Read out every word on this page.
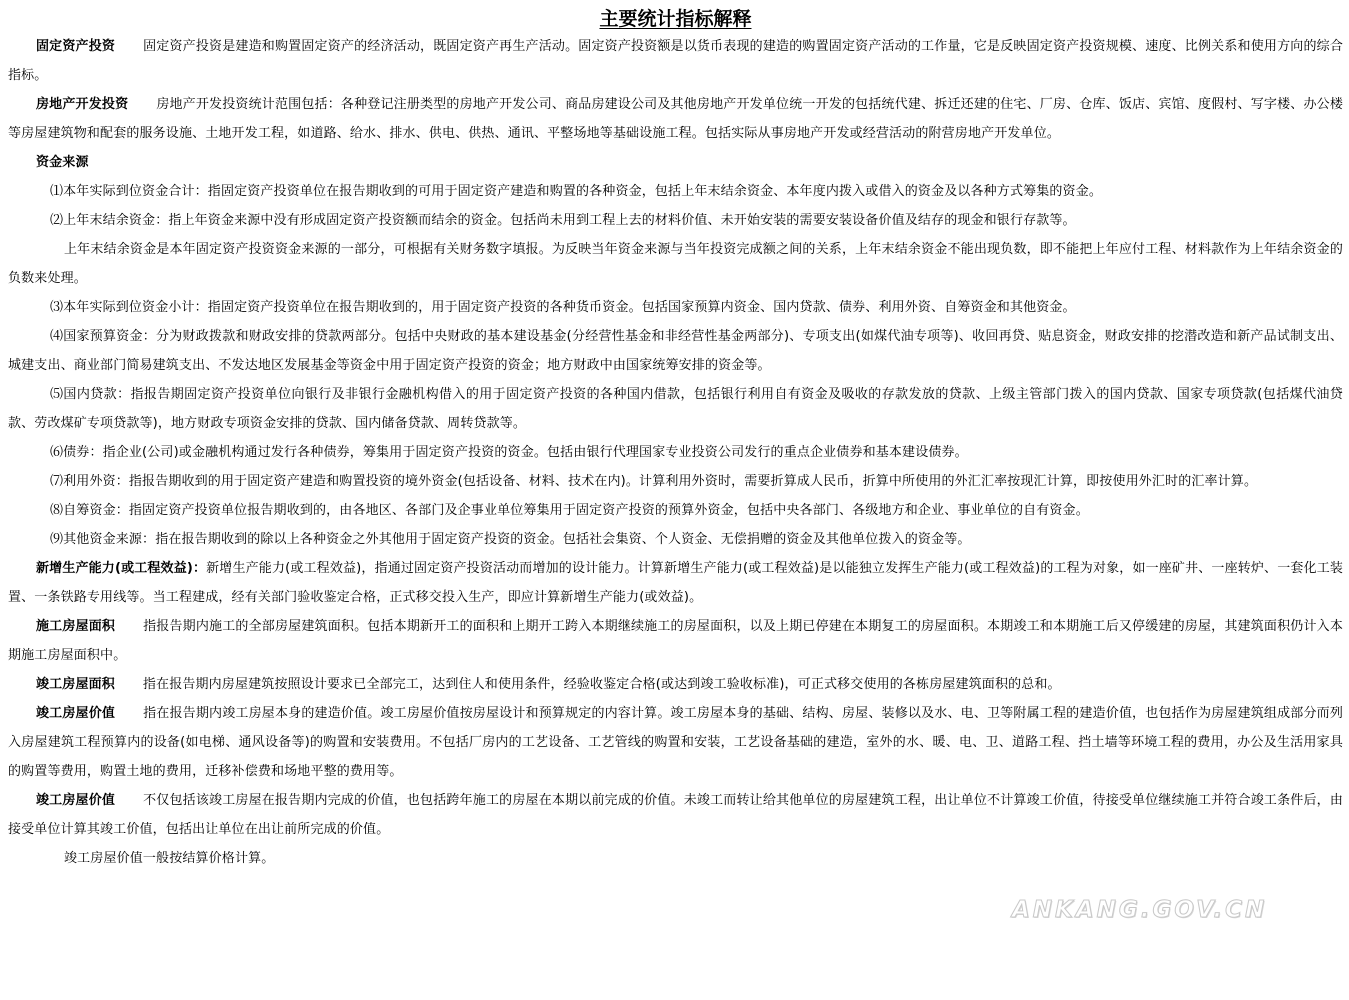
主要统计指标解释

固定资产投资 固定资产投资是建造和购置固定资产的经济活动，既固定资产再生产活动。固定资产投资额是以货币表现的建造的购置固定资产活动的工作量，它是反映固定资产投资规模、速度、比例关系和使用方向的综合指标。

房地产开发投资 房地产开发投资统计范围包括：各种登记注册类型的房地产开发公司、商品房建设公司及其他房地产开发单位统一开发的包括统代建、拆迁还建的住宅、厂房、仓库、饭店、宾馆、度假村、写字楼、办公楼等房屋建筑物和配套的服务设施、土地开发工程，如道路、给水、排水、供电、供热、通讯、平整场地等基础设施工程。包括实际从事房地产开发或经营活动的附营房地产开发单位。

资金来源

⑴本年实际到位资金合计：指固定资产投资单位在报告期收到的可用于固定资产建造和购置的各种资金，包括上年末结余资金、本年度内拨入或借入的资金及以各种方式筹集的资金。

⑵上年末结余资金：指上年资金来源中没有形成固定资产投资额而结余的资金。包括尚未用到工程上去的材料价值、未开始安装的需要安装设备价值及结存的现金和银行存款等。

上年末结余资金是本年固定资产投资资金来源的一部分，可根据有关财务数字填报。为反映当年资金来源与当年投资完成额之间的关系，上年末结余资金不能出现负数，即不能把上年应付工程、材料款作为上年结余资金的负数来处理。

⑶本年实际到位资金小计：指固定资产投资单位在报告期收到的，用于固定资产投资的各种货币资金。包括国家预算内资金、国内贷款、债券、利用外资、自筹资金和其他资金。

⑷国家预算资金：分为财政拨款和财政安排的贷款两部分。包括中央财政的基本建设基金(分经营性基金和非经营性基金两部分)、专项支出(如煤代油专项等)、收回再贷、贴息资金，财政安排的挖潜改造和新产品试制支出、城建支出、商业部门简易建筑支出、不发达地区发展基金等资金中用于固定资产投资的资金；地方财政中由国家统筹安排的资金等。

⑸国内贷款：指报告期固定资产投资单位向银行及非银行金融机构借入的用于固定资产投资的各种国内借款，包括银行利用自有资金及吸收的存款发放的贷款、上级主管部门拨入的国内贷款、国家专项贷款(包括煤代油贷款、劳改煤矿专项贷款等)，地方财政专项资金安排的贷款、国内储备贷款、周转贷款等。

⑹债券：指企业(公司)或金融机构通过发行各种债券，筹集用于固定资产投资的资金。包括由银行代理国家专业投资公司发行的重点企业债券和基本建设债券。

⑺利用外资：指报告期收到的用于固定资产建造和购置投资的境外资金(包括设备、材料、技术在内)。计算利用外资时，需要折算成人民币，折算中所使用的外汇汇率按现汇计算，即按使用外汇时的汇率计算。

⑻自筹资金：指固定资产投资单位报告期收到的，由各地区、各部门及企事业单位筹集用于固定资产投资的预算外资金，包括中央各部门、各级地方和企业、事业单位的自有资金。

⑼其他资金来源：指在报告期收到的除以上各种资金之外其他用于固定资产投资的资金。包括社会集资、个人资金、无偿捐赠的资金及其他单位拨入的资金等。

新增生产能力(或工程效益)：新增生产能力(或工程效益)，指通过固定资产投资活动而增加的设计能力。计算新增生产能力(或工程效益)是以能独立发挥生产能力(或工程效益)的工程为对象，如一座矿井、一座转炉、一套化工装置、一条铁路专用线等。当工程建成，经有关部门验收鉴定合格，正式移交投入生产，即应计算新增生产能力(或效益)。

施工房屋面积 指报告期内施工的全部房屋建筑面积。包括本期新开工的面积和上期开工跨入本期继续施工的房屋面积，以及上期已停建在本期复工的房屋面积。本期竣工和本期施工后又停缓建的房屋，其建筑面积仍计入本期施工房屋面积中。

竣工房屋面积 指在报告期内房屋建筑按照设计要求已全部完工，达到住人和使用条件，经验收鉴定合格(或达到竣工验收标准)，可正式移交使用的各栋房屋建筑面积的总和。

竣工房屋价值 指在报告期内竣工房屋本身的建造价值。竣工房屋价值按房屋设计和预算规定的内容计算。竣工房屋本身的基础、结构、房屋、装修以及水、电、卫等附属工程的建造价值，也包括作为房屋建筑组成部分而列入房屋建筑工程预算内的设备(如电梯、通风设备等)的购置和安装费用。不包括厂房内的工艺设备、工艺管线的购置和安装，工艺设备基础的建造，室外的水、暖、电、卫、道路工程、挡土墙等环境工程的费用，办公及生活用家具的购置等费用，购置土地的费用，迁移补偿费和场地平整的费用等。

竣工房屋价值 不仅包括该竣工房屋在报告期内完成的价值，也包括跨年施工的房屋在本期以前完成的价值。未竣工而转让给其他单位的房屋建筑工程，出让单位不计算竣工价值，待接受单位继续施工并符合竣工条件后，由接受单位计算其竣工价值，包括出让单位在出让前所完成的价值。

竣工房屋价值一般按结算价格计算。

ANKANG.GOV.CN
